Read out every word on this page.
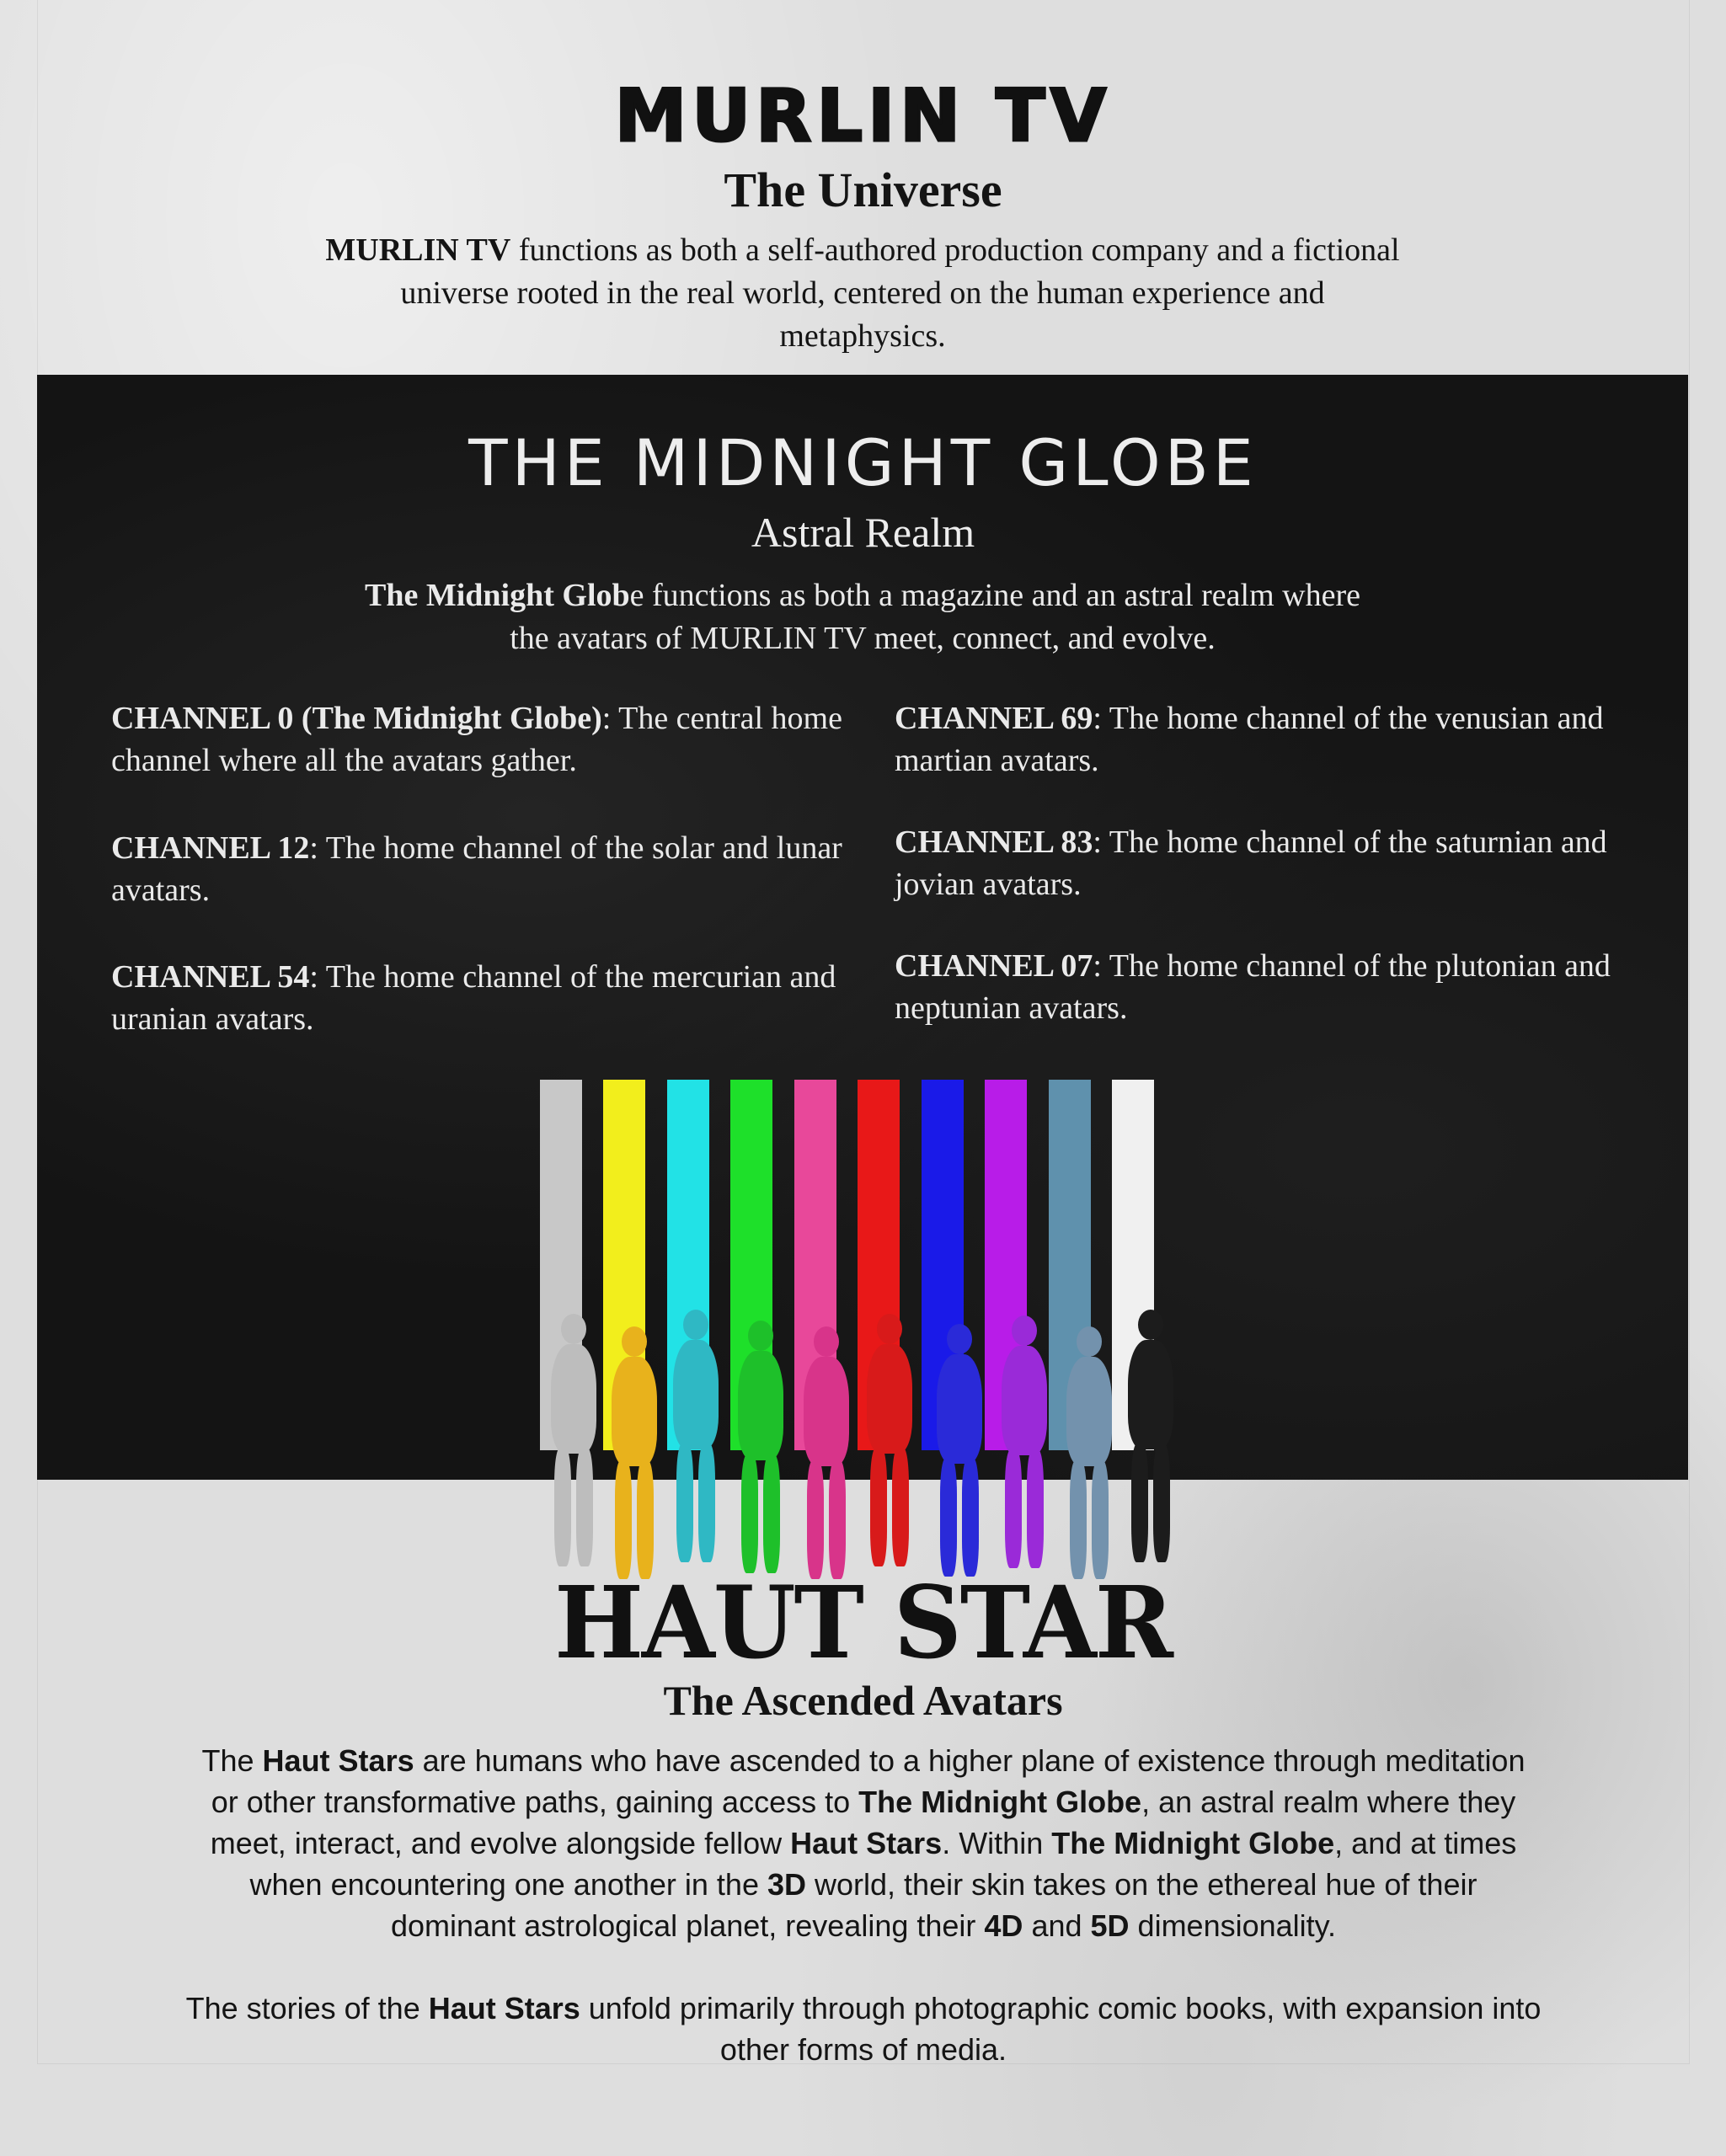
MURLIN TV
The Universe
MURLIN TV functions as both a self-authored production company and a fictional universe rooted in the real world, centered on the human experience and metaphysics.
THE MIDNIGHT GLOBE
Astral Realm
The Midnight Globe functions as both a magazine and an astral realm where the avatars of MURLIN TV meet, connect, and evolve.
CHANNEL 0 (The Midnight Globe): The central home channel where all the avatars gather.
CHANNEL 12: The home channel of the solar and lunar avatars.
CHANNEL 54: The home channel of the mercurian and uranian avatars.
CHANNEL 69: The home channel of the venusian and martian avatars.
CHANNEL 83: The home channel of the saturnian and jovian avatars.
CHANNEL 07: The home channel of the plutonian and neptunian avatars.
HAUT STAR
The Ascended Avatars
The Haut Stars are humans who have ascended to a higher plane of existence through meditation or other transformative paths, gaining access to The Midnight Globe, an astral realm where they meet, interact, and evolve alongside fellow Haut Stars. Within The Midnight Globe, and at times when encountering one another in the 3D world, their skin takes on the ethereal hue of their dominant astrological planet, revealing their 4D and 5D dimensionality.
The stories of the Haut Stars unfold primarily through photographic comic books, with expansion into other forms of media.
